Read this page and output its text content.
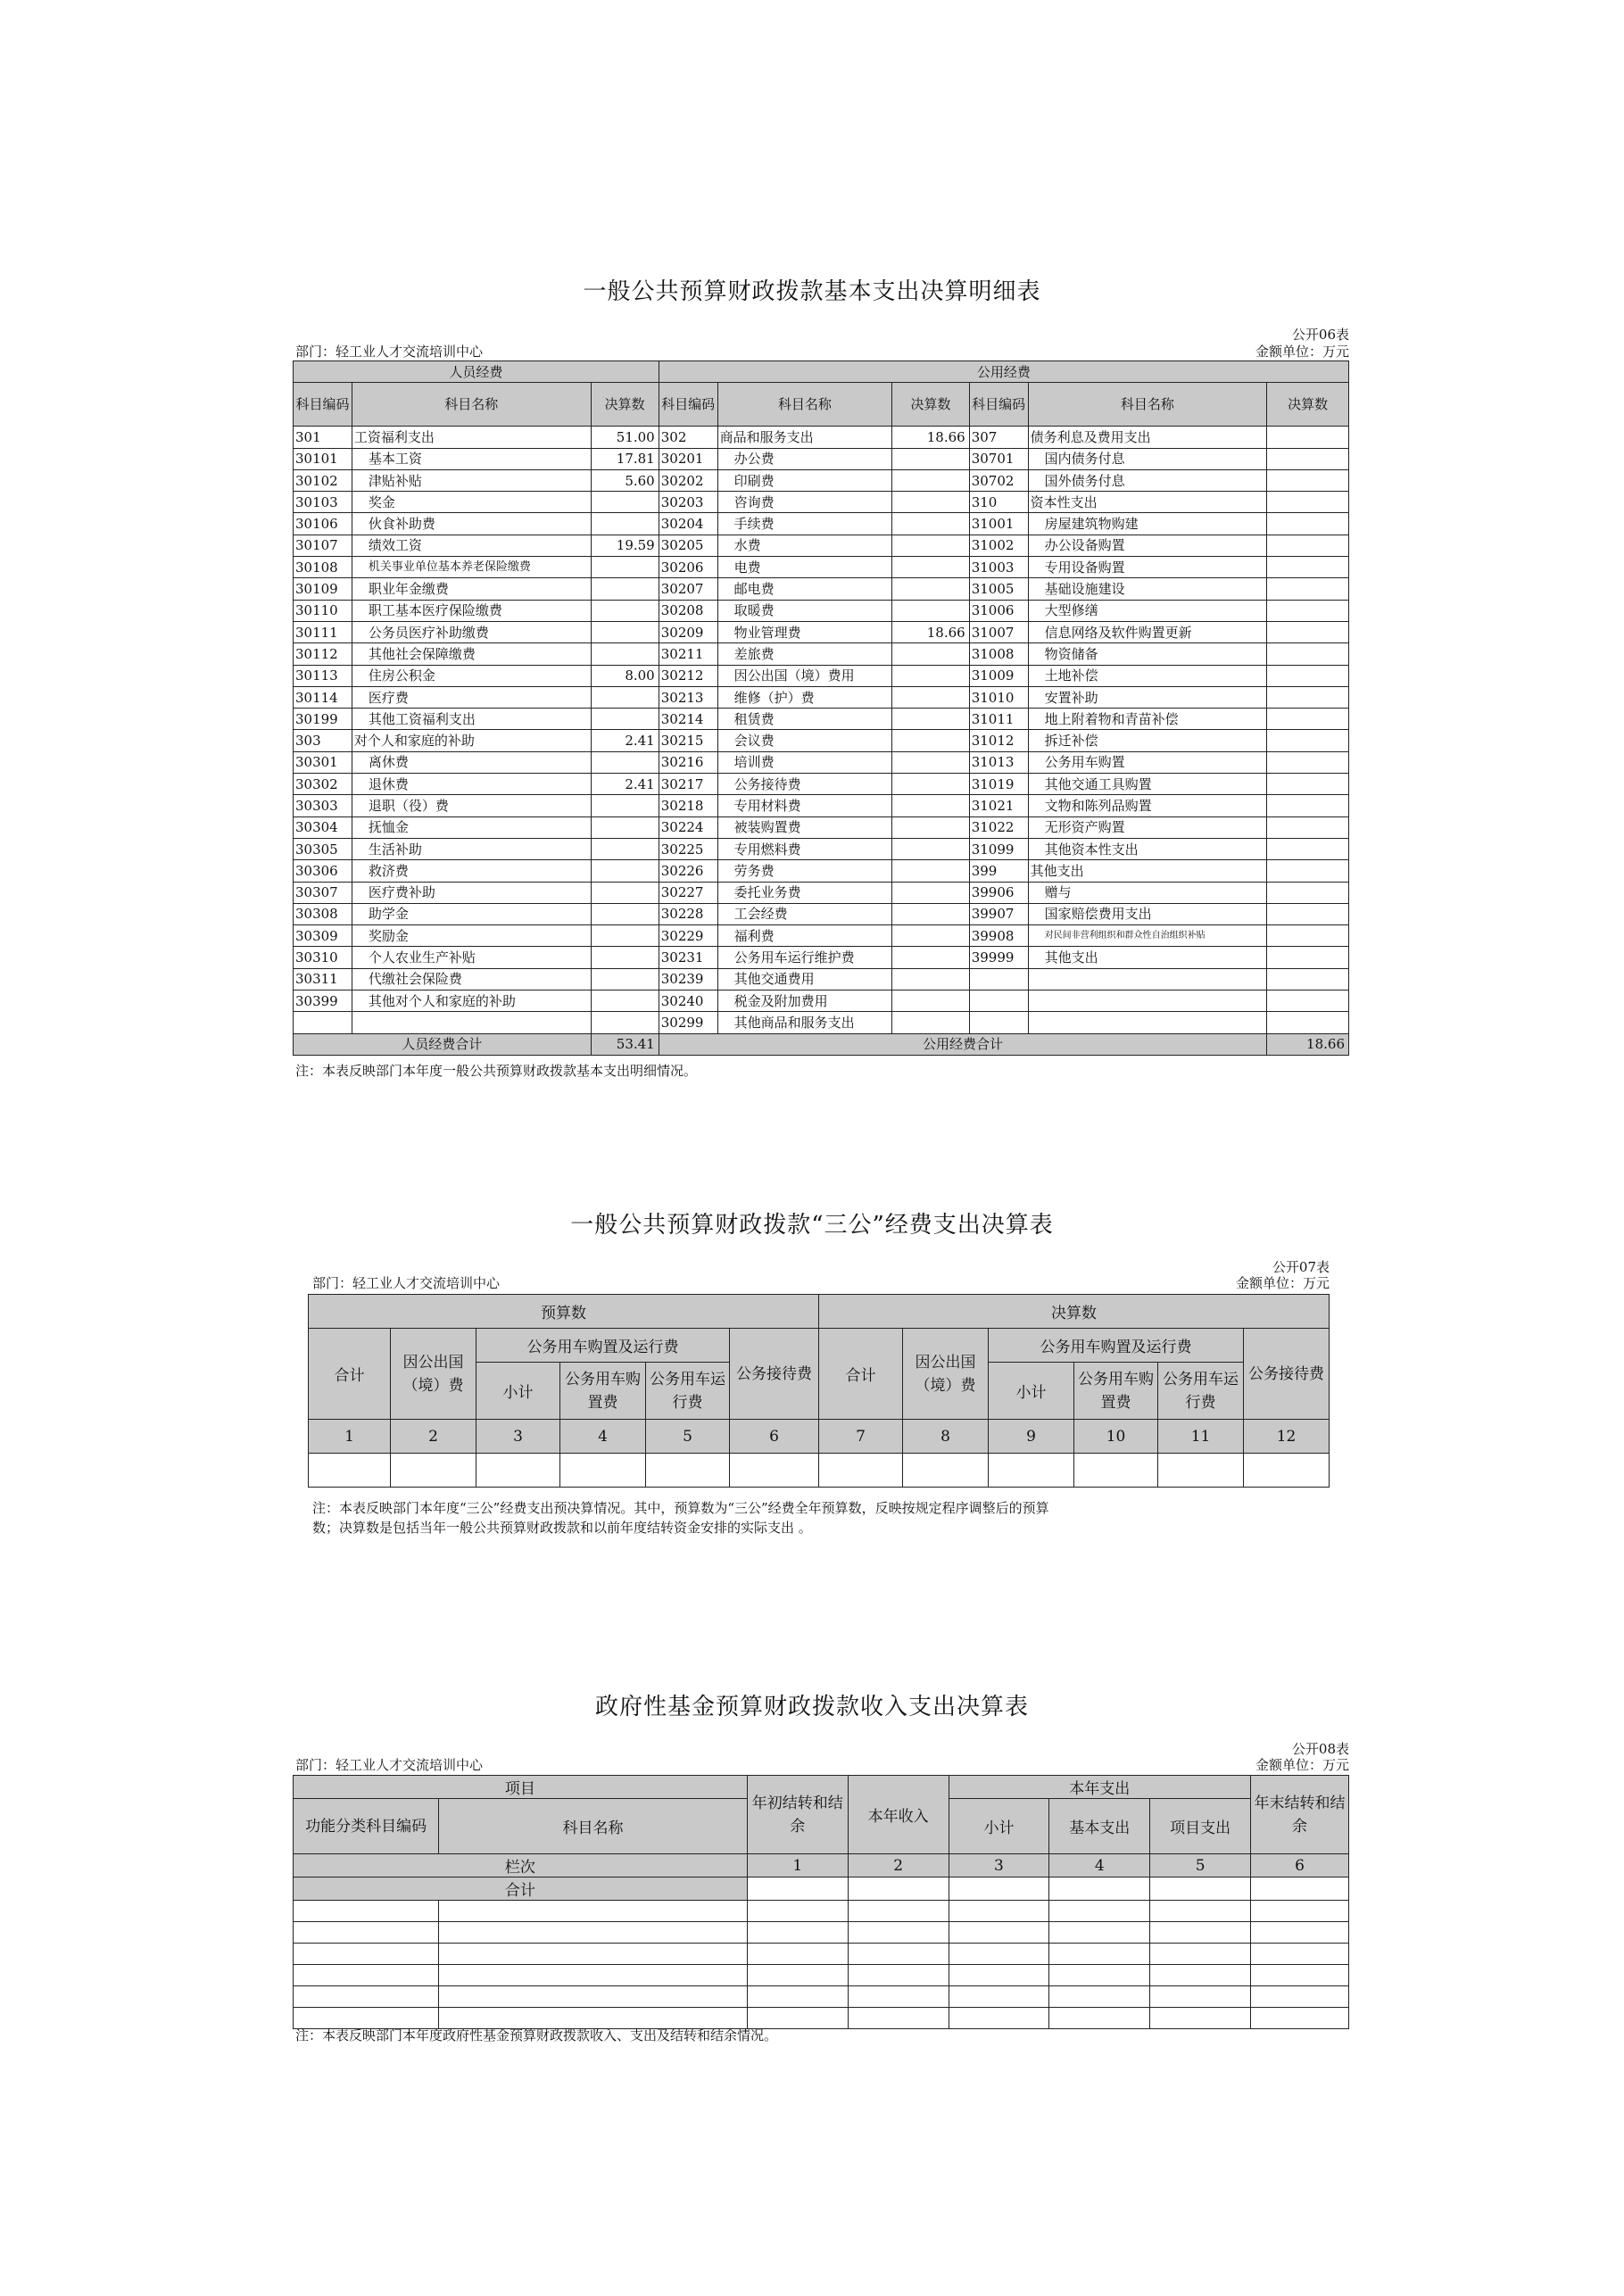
一般公共预算财政拨款基本支出决算明细表
公开06表
部门：轻工业人才交流培训中心	金额单位：万元
人员经费			公用经费					
科目编码	科目名称	决算数	科目编码	科目名称	决算数	科目编码	科目名称	决算数
301	工资福利支出	51.00	302	商品和服务支出	18.66	307	债务利息及费用支出	
30101	基本工资	17.81	30201	办公费		30701	国内债务付息	
30102	津贴补贴	5.60	30202	印刷费		30702	国外债务付息	
30103	奖金		30203	咨询费		310	资本性支出	
30106	伙食补助费		30204	手续费		31001	房屋建筑物购建	
30107	绩效工资	19.59	30205	水费		31002	办公设备购置	
30108	机关事业单位基本养老保险缴费		30206	电费		31003	专用设备购置	
30109	职业年金缴费		30207	邮电费		31005	基础设施建设	
30110	职工基本医疗保险缴费		30208	取暖费		31006	大型修缮	
30111	公务员医疗补助缴费		30209	物业管理费	18.66	31007	信息网络及软件购置更新	
30112	其他社会保障缴费		30211	差旅费		31008	物资储备	
30113	住房公积金	8.00	30212	因公出国（境）费用		31009	土地补偿	
30114	医疗费		30213	维修（护）费		31010	安置补助	
30199	其他工资福利支出		30214	租赁费		31011	地上附着物和青苗补偿	
303	对个人和家庭的补助	2.41	30215	会议费		31012	拆迁补偿	
30301	离休费		30216	培训费		31013	公务用车购置	
30302	退休费	2.41	30217	公务接待费		31019	其他交通工具购置	
30303	退职（役）费		30218	专用材料费		31021	文物和陈列品购置	
30304	抚恤金		30224	被装购置费		31022	无形资产购置	
30305	生活补助		30225	专用燃料费		31099	其他资本性支出	
30306	救济费		30226	劳务费		399	其他支出	
30307	医疗费补助		30227	委托业务费		39906	赠与	
30308	助学金		30228	工会经费		39907	国家赔偿费用支出	
30309	奖励金		30229	福利费		39908	对民间非营利组织和群众性自治组织补贴	
30310	个人农业生产补贴		30231	公务用车运行维护费		39999	其他支出	
30311	代缴社会保险费		30239	其他交通费用				
30399	其他对个人和家庭的补助		30240	税金及附加费用				
			30299	其他商品和服务支出				
人员经费合计		53.41	公用经费合计					18.66
注：本表反映部门本年度一般公共预算财政拨款基本支出明细情况。
一般公共预算财政拨款“三公”经费支出决算表
公开07表
部门：轻工业人才交流培训中心	金额单位：万元
预算数						决算数					
合计	因公出国（境）费	公务用车购置及运行费			公务接待费	合计	因公出国（境）费	公务用车购置及运行费			公务接待费
		小计	公务用车购置费	公务用车运行费				小计	公务用车购置费	公务用车运行费	
1	2	3	4	5	6	7	8	9	10	11	12

注：本表反映部门本年度“三公”经费支出预决算情况。其中，预算数为“三公”经费全年预算数，反映按规定程序调整后的预算
数；决算数是包括当年一般公共预算财政拨款和以前年度结转资金安排的实际支出 。
政府性基金预算财政拨款收入支出决算表
公开08表
部门：轻工业人才交流培训中心	金额单位：万元
项目		年初结转和结余	本年收入	本年支出			年末结转和结余
功能分类科目编码	科目名称			小计	基本支出	项目支出	
栏次		1	2	3	4	5	6
合计							

注：本表反映部门本年度政府性基金预算财政拨款收入、支出及结转和结余情况。
